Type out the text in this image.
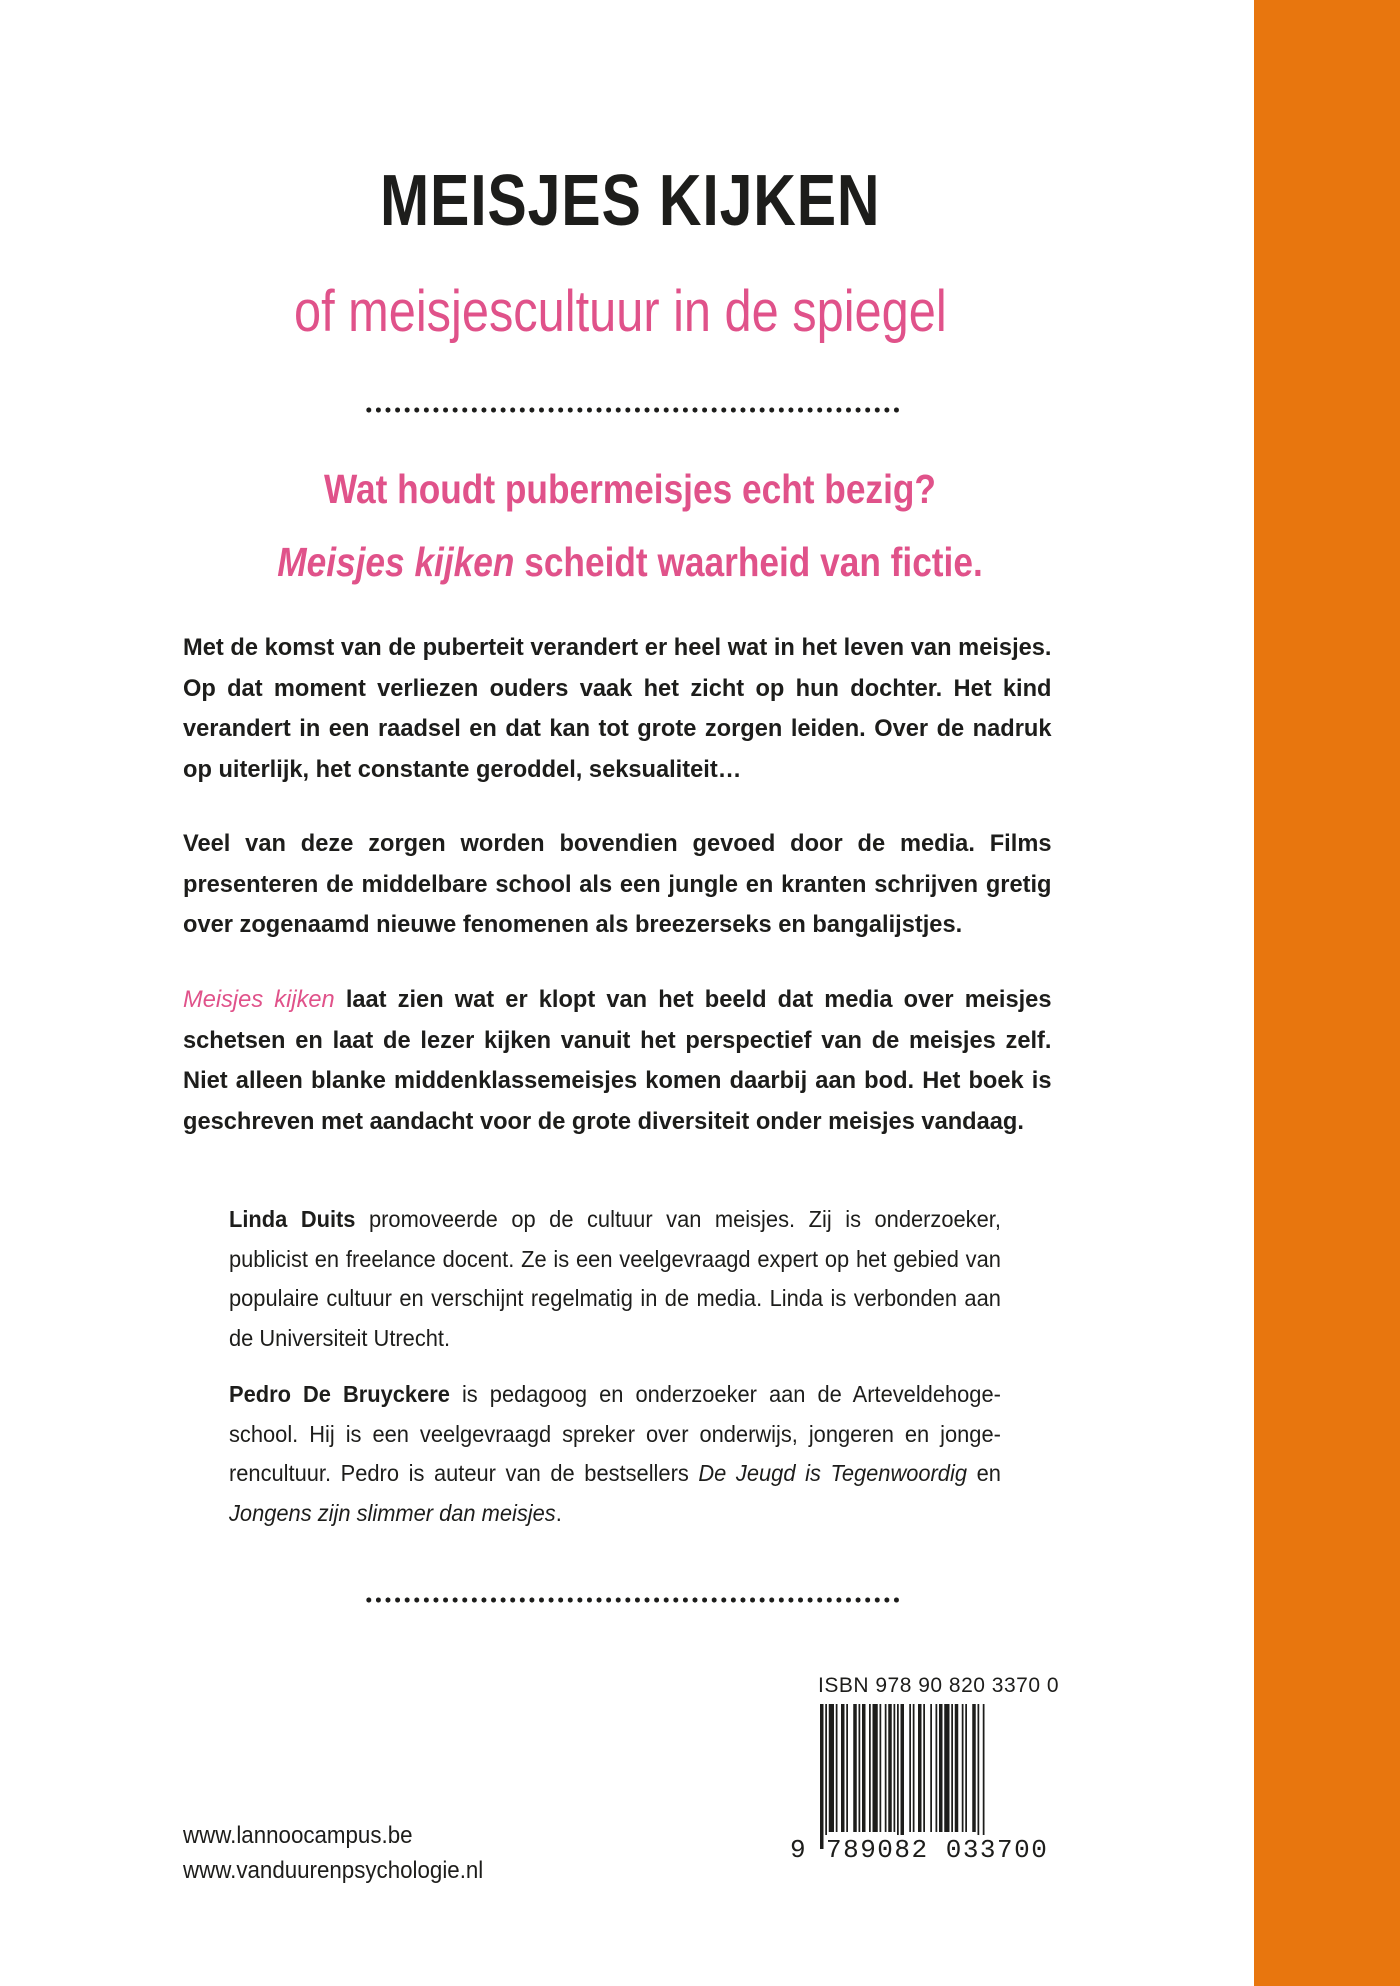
MEISJES KIJKEN
of meisjescultuur in de spiegel
Wat houdt pubermeisjes echt bezig?
Meisjes kijken scheidt waarheid van fictie.
Met de komst van de puberteit verandert er heel wat in het leven van meisjes. Op dat moment verliezen ouders vaak het zicht op hun dochter. Het kind verandert in een raadsel en dat kan tot grote zorgen leiden. Over de nadruk op uiterlijk, het constante geroddel, seksualiteit…
Veel van deze zorgen worden bovendien gevoed door de media. Films presenteren de middelbare school als een jungle en kranten schrijven gretig over zogenaamd nieuwe fenomenen als breezerseks en bangalijstjes.
Meisjes kijken laat zien wat er klopt van het beeld dat media over meisjes schetsen en laat de lezer kijken vanuit het perspectief van de meisjes zelf. Niet alleen blanke middenklassemeisjes komen daarbij aan bod. Het boek is geschreven met aandacht voor de grote diversiteit onder meisjes vandaag.
Linda Duits promoveerde op de cultuur van meisjes. Zij is onderzoeker, publicist en freelance docent. Ze is een veelgevraagd expert op het gebied van populaire cultuur en verschijnt regelmatig in de media. Linda is verbonden aan de Universiteit Utrecht.
Pedro De Bruyckere is pedagoog en onderzoeker aan de Arteveldehogeschool. Hij is een veelgevraagd spreker over onderwijs, jongeren en jongerencultuur. Pedro is auteur van de bestsellers De Jeugd is Tegenwoordig en Jongens zijn slimmer dan meisjes.
ISBN 978 90 820 3370 0
9 789082 033700
www.lannoocampus.be
www.vanduurenpsychologie.nl
